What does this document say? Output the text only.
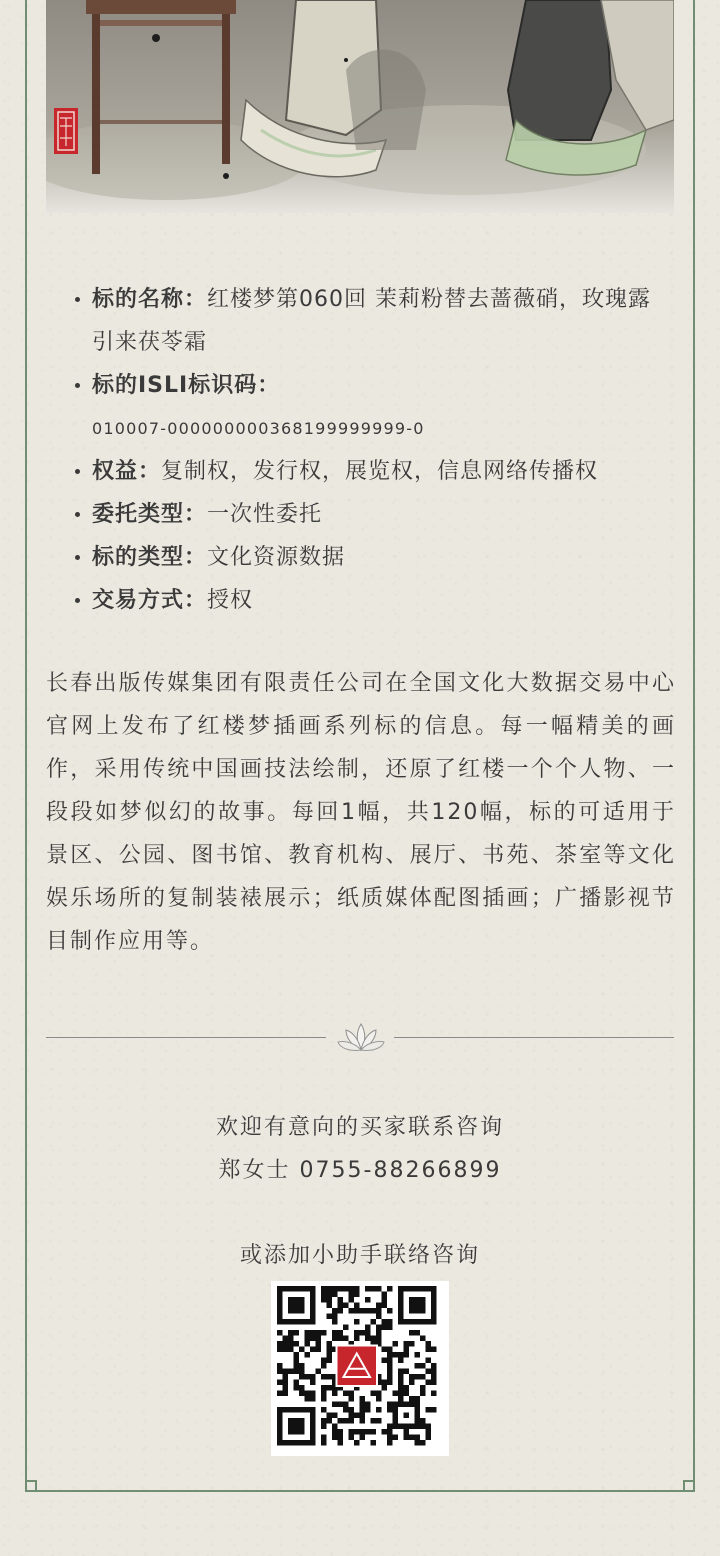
标的名称：红楼梦第060回 茉莉粉替去蔷薇硝，玫瑰露引来茯苓霜
标的ISLI标识码：
010007-000000000368199999999-0
权益：复制权，发行权，展览权，信息网络传播权
委托类型：一次性委托
标的类型：文化资源数据
交易方式：授权

长春出版传媒集团有限责任公司在全国文化大数据交易中心官网上发布了红楼梦插画系列标的信息。每一幅精美的画作，采用传统中国画技法绘制，还原了红楼一个个人物、一段段如梦似幻的故事。每回1幅，共120幅，标的可适用于景区、公园、图书馆、教育机构、展厅、书苑、茶室等文化娱乐场所的复制装裱展示；纸质媒体配图插画；广播影视节目制作应用等。

欢迎有意向的买家联系咨询

郑女士 0755-88266899

或添加小助手联络咨询
